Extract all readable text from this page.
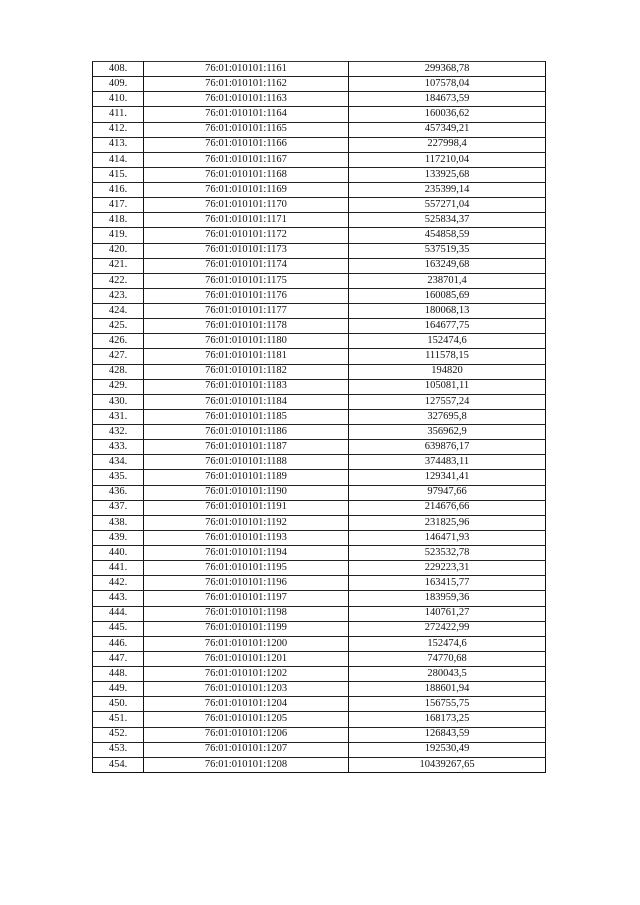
408.	76:01:010101:1161	299368,78
409.	76:01:010101:1162	107578,04
410.	76:01:010101:1163	184673,59
411.	76:01:010101:1164	160036,62
412.	76:01:010101:1165	457349,21
413.	76:01:010101:1166	227998,4
414.	76:01:010101:1167	117210,04
415.	76:01:010101:1168	133925,68
416.	76:01:010101:1169	235399,14
417.	76:01:010101:1170	557271,04
418.	76:01:010101:1171	525834,37
419.	76:01:010101:1172	454858,59
420.	76:01:010101:1173	537519,35
421.	76:01:010101:1174	163249,68
422.	76:01:010101:1175	238701,4
423.	76:01:010101:1176	160085,69
424.	76:01:010101:1177	180068,13
425.	76:01:010101:1178	164677,75
426.	76:01:010101:1180	152474,6
427.	76:01:010101:1181	111578,15
428.	76:01:010101:1182	194820
429.	76:01:010101:1183	105081,11
430.	76:01:010101:1184	127557,24
431.	76:01:010101:1185	327695,8
432.	76:01:010101:1186	356962,9
433.	76:01:010101:1187	639876,17
434.	76:01:010101:1188	374483,11
435.	76:01:010101:1189	129341,41
436.	76:01:010101:1190	97947,66
437.	76:01:010101:1191	214676,66
438.	76:01:010101:1192	231825,96
439.	76:01:010101:1193	146471,93
440.	76:01:010101:1194	523532,78
441.	76:01:010101:1195	229223,31
442.	76:01:010101:1196	163415,77
443.	76:01:010101:1197	183959,36
444.	76:01:010101:1198	140761,27
445.	76:01:010101:1199	272422,99
446.	76:01:010101:1200	152474,6
447.	76:01:010101:1201	74770,68
448.	76:01:010101:1202	280043,5
449.	76:01:010101:1203	188601,94
450.	76:01:010101:1204	156755,75
451.	76:01:010101:1205	168173,25
452.	76:01:010101:1206	126843,59
453.	76:01:010101:1207	192530,49
454.	76:01:010101:1208	10439267,65
